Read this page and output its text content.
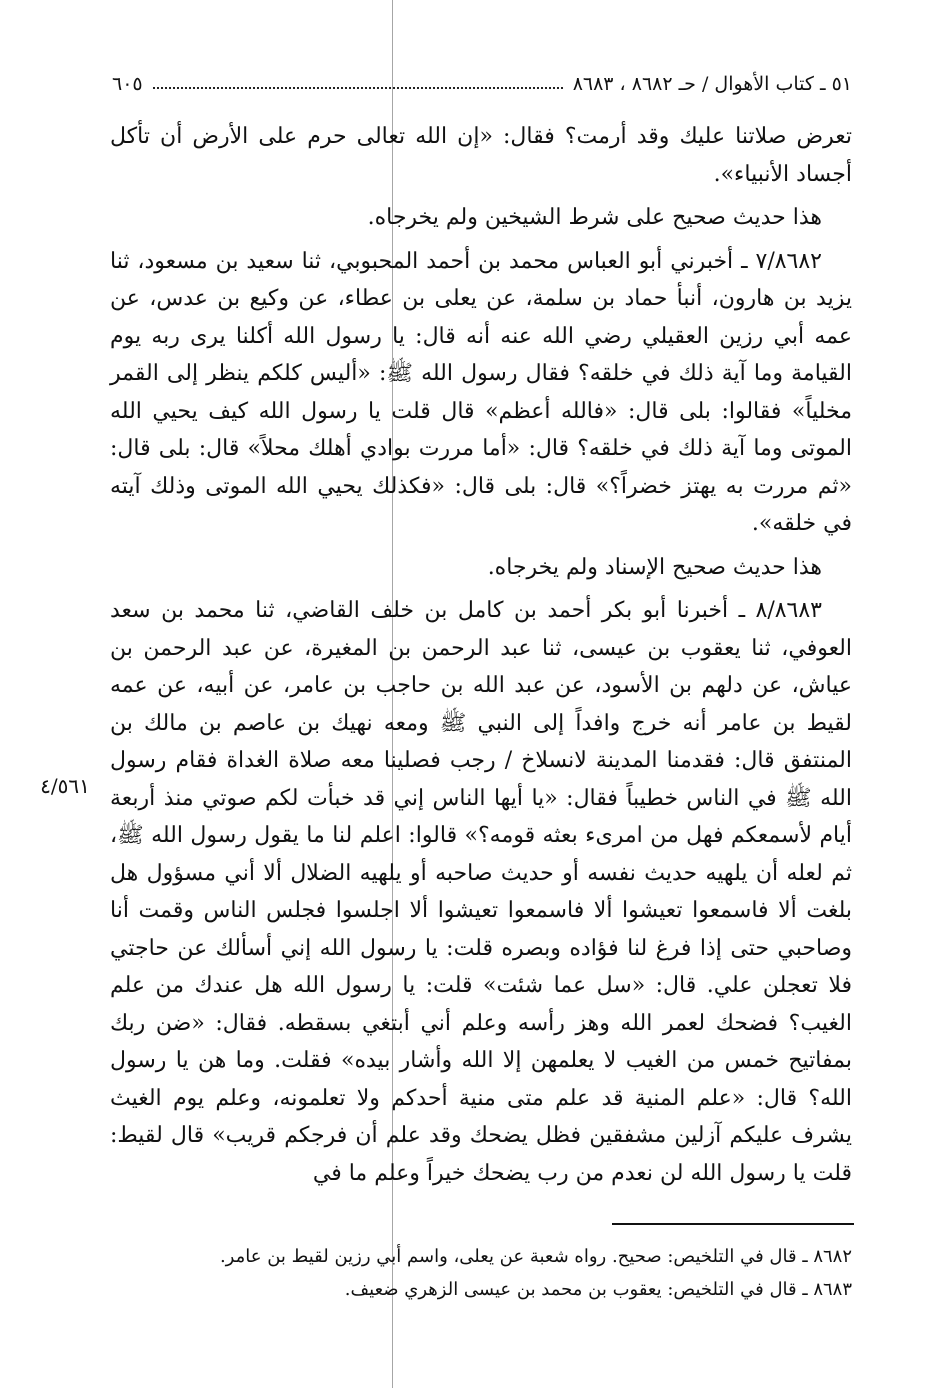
٦٠٥	٥١ ـ كتاب الأهوال / حـ ٨٦٨٢ ، ٨٦٨٣

تعرض صلاتنا عليك وقد أرمت؟ فقال: «إن الله تعالى حرم على الأرض أن تأكل أجساد الأنبياء».

هذا حديث صحيح على شرط الشيخين ولم يخرجاه.

٧/٨٦٨٢ ـ أخبرني أبو العباس محمد بن أحمد المحبوبي، ثنا سعيد بن مسعود، ثنا يزيد بن هارون، أنبأ حماد بن سلمة، عن يعلى بن عطاء، عن وكيع بن عدس، عن عمه أبي رزين العقيلي رضي الله عنه أنه قال: يا رسول الله أكلنا يرى ربه يوم القيامة وما آية ذلك في خلقه؟ فقال رسول الله ﷺ: «أليس كلكم ينظر إلى القمر مخلياً» فقالوا: بلى قال: «فالله أعظم» قال قلت يا رسول الله كيف يحيي الله الموتى وما آية ذلك في خلقه؟ قال: «أما مررت بوادي أهلك محلاً» قال: بلى قال: «ثم مررت به يهتز خضراً؟» قال: بلى قال: «فكذلك يحيي الله الموتى وذلك آيته في خلقه».

هذا حديث صحيح الإسناد ولم يخرجاه.

٨/٨٦٨٣ ـ أخبرنا أبو بكر أحمد بن كامل بن خلف القاضي، ثنا محمد بن سعد العوفي، ثنا يعقوب بن عيسى، ثنا عبد الرحمن بن المغيرة، عن عبد الرحمن بن عياش، عن دلهم بن الأسود، عن عبد الله بن حاجب بن عامر، عن أبيه، عن عمه لقيط بن عامر أنه خرج وافداً إلى النبي ﷺ ومعه نهيك بن عاصم بن مالك بن المنتفق قال: فقدمنا المدينة لانسلاخ / رجب فصلينا معه صلاة الغداة فقام رسول الله ﷺ في الناس خطيباً فقال: «يا أيها الناس إني قد خبأت لكم صوتي منذ أربعة أيام لأسمعكم فهل من امرىء بعثه قومه؟» قالوا: اعلم لنا ما يقول رسول الله ﷺ، ثم لعله أن يلهيه حديث نفسه أو حديث صاحبه أو يلهيه الضلال ألا أني مسؤول هل بلغت ألا فاسمعوا تعيشوا ألا فاسمعوا تعيشوا ألا اجلسوا فجلس الناس وقمت أنا وصاحبي حتى إذا فرغ لنا فؤاده وبصره قلت: يا رسول الله إني أسألك عن حاجتي فلا تعجلن علي. قال: «سل عما شئت» قلت: يا رسول الله هل عندك من علم الغيب؟ فضحك لعمر الله وهز رأسه وعلم أني أبتغي بسقطه. فقال: «ضن ربك بمفاتيح خمس من الغيب لا يعلمهن إلا الله وأشار بيده» فقلت. وما هن يا رسول الله؟ قال: «علم المنية قد علم متى منية أحدكم ولا تعلمونه، وعلم يوم الغيث يشرف عليكم آزلين مشفقين فظل يضحك وقد علم أن فرجكم قريب» قال لقيط: قلت يا رسول الله لن نعدم من رب يضحك خيراً وعلم ما في

٤/٥٦١

٨٦٨٢ ـ قال في التلخيص: صحيح. رواه شعبة عن يعلى، واسم أبي رزين لقيط بن عامر.

٨٦٨٣ ـ قال في التلخيص: يعقوب بن محمد بن عيسى الزهري ضعيف.
